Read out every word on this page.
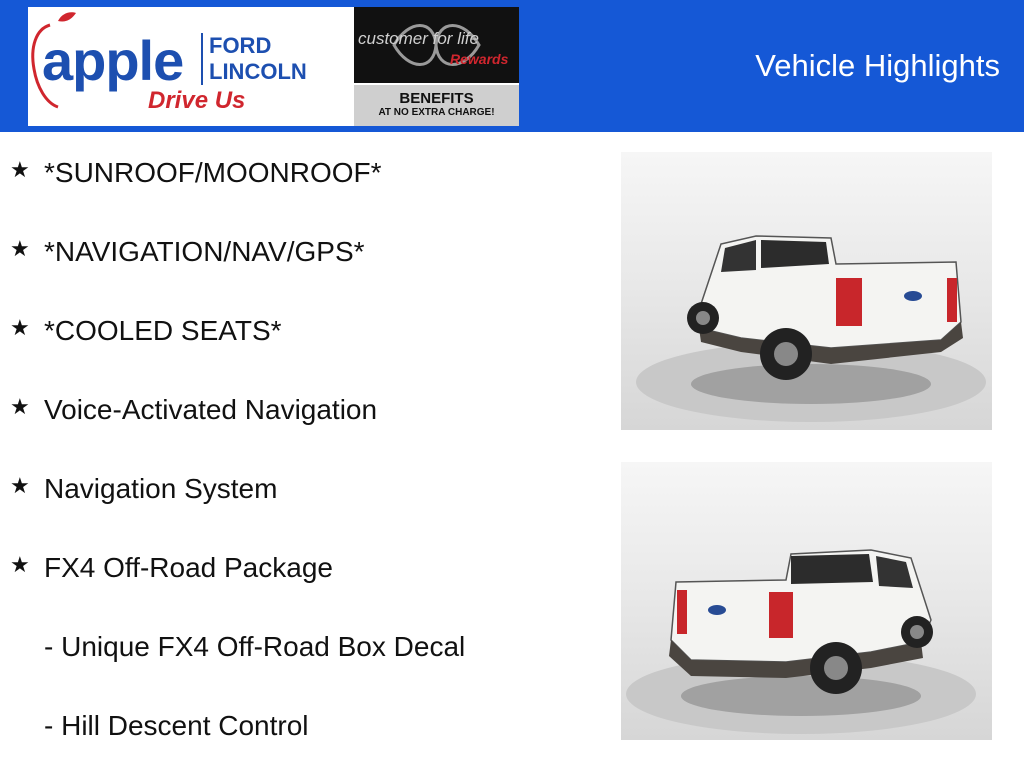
apple FORD
LINCOLN
Drive Us
customer for life
Rewards
BENEFITS
AT NO EXTRA CHARGE!
Vehicle Highlights
★ *SUNROOF/MOONROOF*
★ *NAVIGATION/NAV/GPS*
★ *COOLED SEATS*
★ Voice-Activated Navigation
★ Navigation System
★ FX4 Off-Road Package
- Unique FX4 Off-Road Box Decal
- Hill Descent Control
